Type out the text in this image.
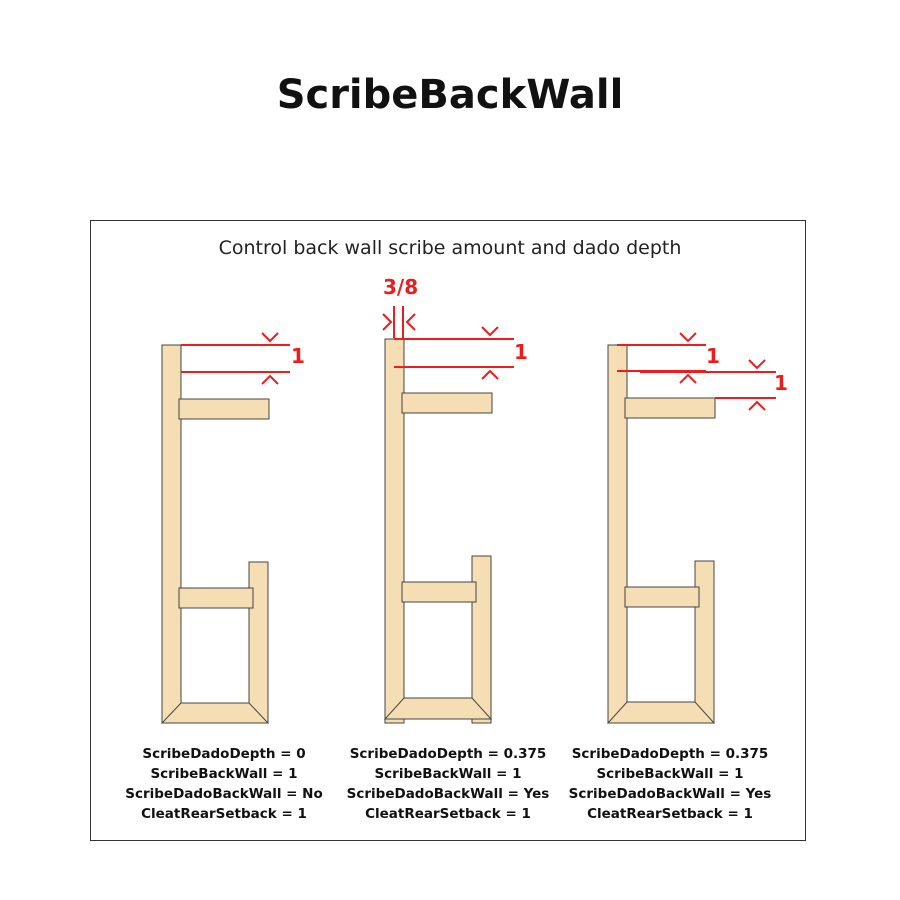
ScribeBackWall
Control back wall scribe amount and dado depth
1	1
3/8
1
1
ScribeDadoDepth = 0
ScribeBackWall = 1
ScribeDadoBackWall = No
CleatRearSetback = 1
ScribeDadoDepth = 0.375
ScribeBackWall = 1
ScribeDadoBackWall = Yes
CleatRearSetback = 1
ScribeDadoDepth = 0.375
ScribeBackWall = 1
ScribeDadoBackWall = Yes
CleatRearSetback = 1
